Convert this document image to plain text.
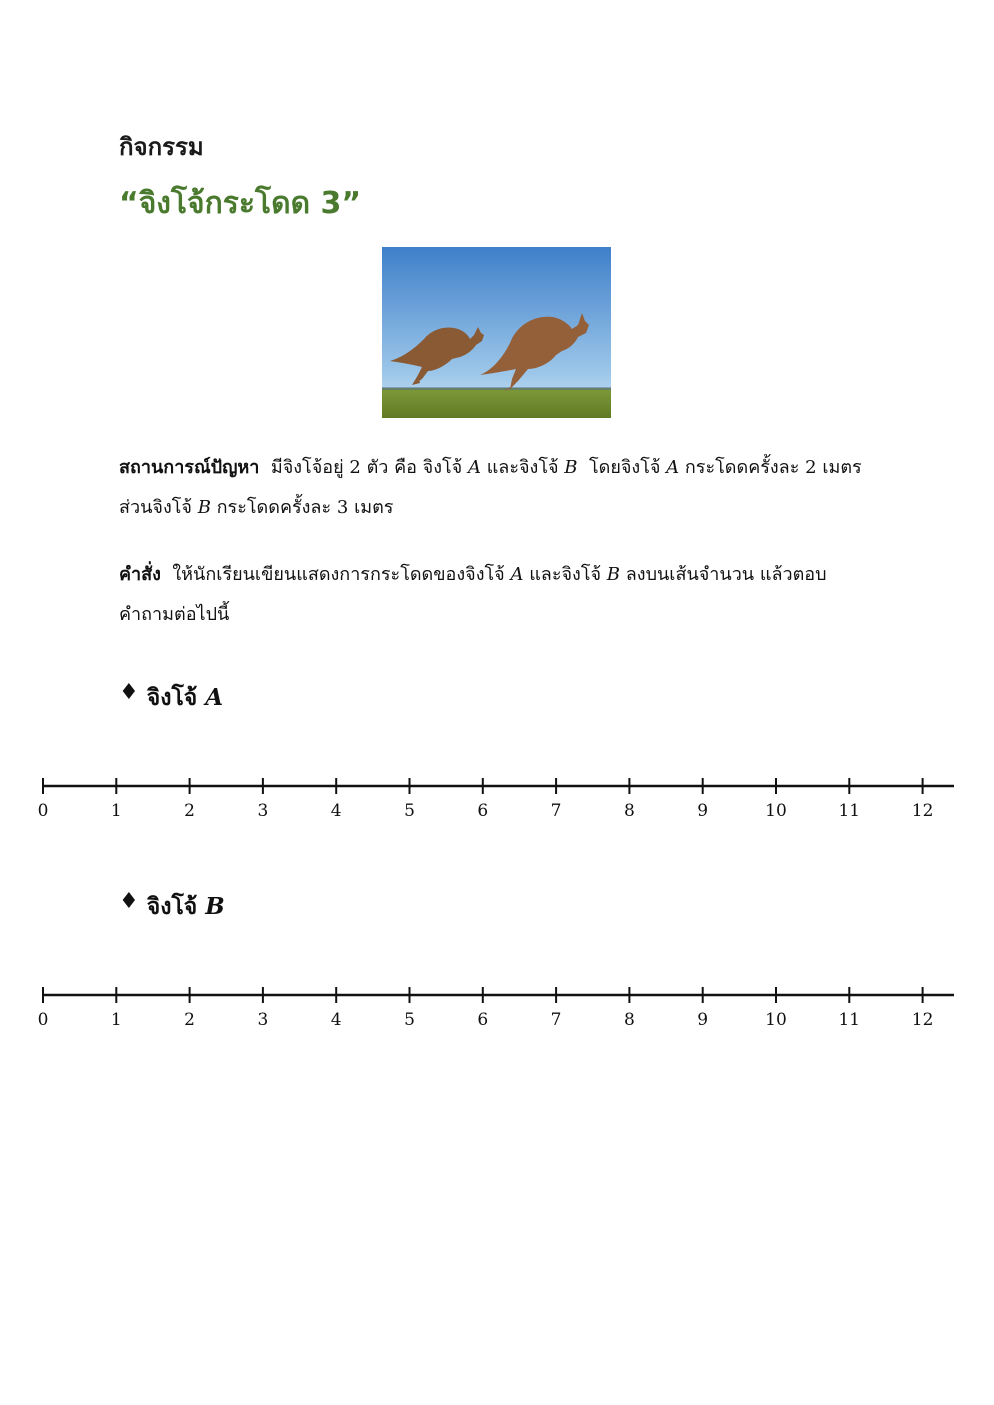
กิจกรรม
“จิงโจ้กระโดด 3”
สถานการณ์ปัญหา มีจิงโจ้อยู่ 2 ตัว คือ จิงโจ้ A และจิงโจ้ B โดยจิงโจ้ A กระโดดครั้งละ 2 เมตร ส่วนจิงโจ้ B กระโดดครั้งละ 3 เมตร
คำสั่ง ให้นักเรียนเขียนแสดงการกระโดดของจิงโจ้ A และจิงโจ้ B ลงบนเส้นจำนวน แล้วตอบคำถามต่อไปนี้
♦ จิงโจ้ A
0	1	2	3	4	5	6	7	8	9	10	11	12
♦ จิงโจ้ B
0	1	2	3	4	5	6	7	8	9	10	11	12
